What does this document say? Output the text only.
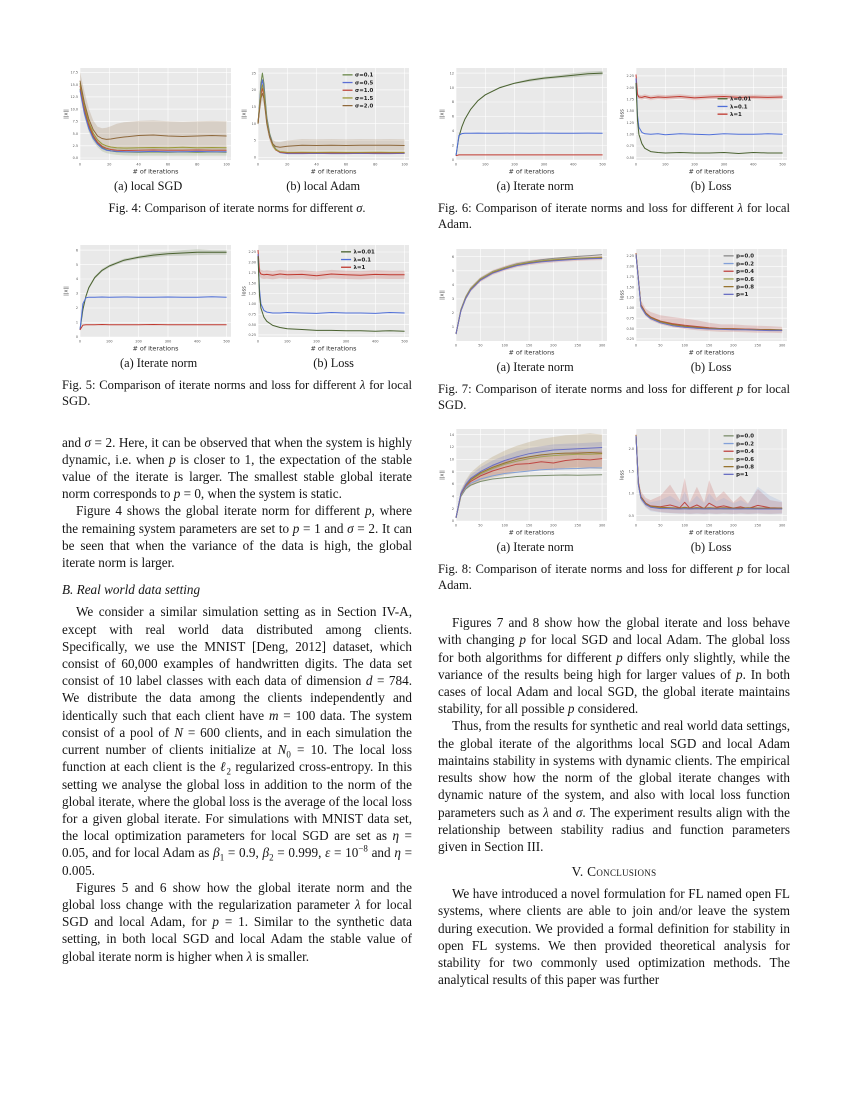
0	20	40	60	80	100
0.0
2.5
5.0
7.5
10.0
12.5
15.0
17.5
# of iterations
||x||
0	20	40	60	80	100
0
5
10
15
20
25
# of iterations
||x||
σ=0.1
σ=0.5
σ=1.0
σ=1.5
σ=2.0
(a) local SGD	(b) local Adam
Fig. 4: Comparison of iterate norms for different σ.
0	100	200	300	400	500
0
1
2
3
4
5
6
# of iterations
||x||
0	100	200	300	400	500
0.25
0.50
0.75
1.00
1.25
1.50
1.75
2.00
2.25
# of iterations
loss
λ=0.01
λ=0.1
λ=1
(a) Iterate norm	(b) Loss
Fig. 5: Comparison of iterate norms and loss for different λ for local SGD.

and σ = 2. Here, it can be observed that when the system is highly dynamic, i.e. when p is closer to 1, the expectation of the stable value of the iterate is larger. The smallest stable global iterate norm corresponds to p = 0, when the system is static.

Figure 4 shows the global iterate norm for different p, where the remaining system parameters are set to p = 1 and σ = 2. It can be seen that when the variance of the data is high, the global iterate norm is larger.

B. Real world data setting

We consider a similar simulation setting as in Section IV-A, except with real world data distributed among clients. Specifically, we use the MNIST [Deng, 2012] dataset, which consist of 60,000 examples of handwritten digits. The data set consist of 10 label classes with each data of dimension d = 784. We distribute the data among the clients independently and identically such that each client have m = 100 data. The system consist of a pool of N = 600 clients, and in each simulation the current number of clients initialize at $N_0 = 10$. The local loss function at each client is the ℓ$_2$ regularized cross-entropy. In this setting we analyse the global loss in addition to the norm of the global iterate, where the global loss is the average of the local loss for a given global iterate. For simulations with MNIST data set, the local optimization parameters for local SGD are set as η = 0.05, and for local Adam as $\beta_1 = 0.9$, $\beta_2 = 0.999$, $\varepsilon = 10^{-8}$ and η = 0.005.

Figures 5 and 6 show how the global iterate norm and the global loss change with the regularization parameter λ for local SGD and local Adam, for p = 1. Similar to the synthetic data setting, in both local SGD and local Adam the stable value of global iterate norm is higher when λ is smaller.

0	100	200	300	400	500
0
2
4
6
8
10
12
# of iterations
||x||
0	100	200	300	400	500
0.50
0.75
1.00
1.25
1.50
1.75
2.00
2.25
# of iterations
loss
λ=0.01
λ=0.1
λ=1
(a) Iterate norm	(b) Loss
Fig. 6: Comparison of iterate norms and loss for different λ for local Adam.
0	50	100	150	200	250	300
1
2
3
4
5
6
# of iterations
||x||
0	50	100	150	200	250	300
0.25
0.50
0.75
1.00
1.25
1.50
1.75
2.00
2.25
# of iterations
loss
p=0.0
p=0.2
p=0.4
p=0.6
p=0.8
p=1
(a) Iterate norm	(b) Loss
Fig. 7: Comparison of iterate norms and loss for different p for local SGD.
0	50	100	150	200	250	300
0
2
4
6
8
10
12
14
# of iterations
||x||
0	50	100	150	200	250	300
0.5
1.0
1.5
2.0
# of iterations
loss
p=0.0
p=0.2
p=0.4
p=0.6
p=0.8
p=1
(a) Iterate norm	(b) Loss
Fig. 8: Comparison of iterate norms and loss for different p for local Adam.

Figures 7 and 8 show how the global iterate and loss behave with changing p for local SGD and local Adam. The global loss for both algorithms for different p differs only slightly, while the variance of the results being high for larger values of p. In both cases of local Adam and local SGD, the global iterate maintains stability, for all possible p considered.

Thus, from the results for synthetic and real world data settings, the global iterate of the algorithms local SGD and local Adam maintains stability in systems with dynamic clients. The empirical results show how the norm of the global iterate changes with dynamic nature of the system, and also with local loss function parameters such as λ and σ. The experiment results align with the relationship between stability radius and function parameters given in Section III.

V. Conclusions

We have introduced a novel formulation for FL named open FL systems, where clients are able to join and/or leave the system during execution. We provided a formal definition for stability in open FL systems. We then provided theoretical analysis for stability for two commonly used optimization methods. The analytical results of this paper was further
